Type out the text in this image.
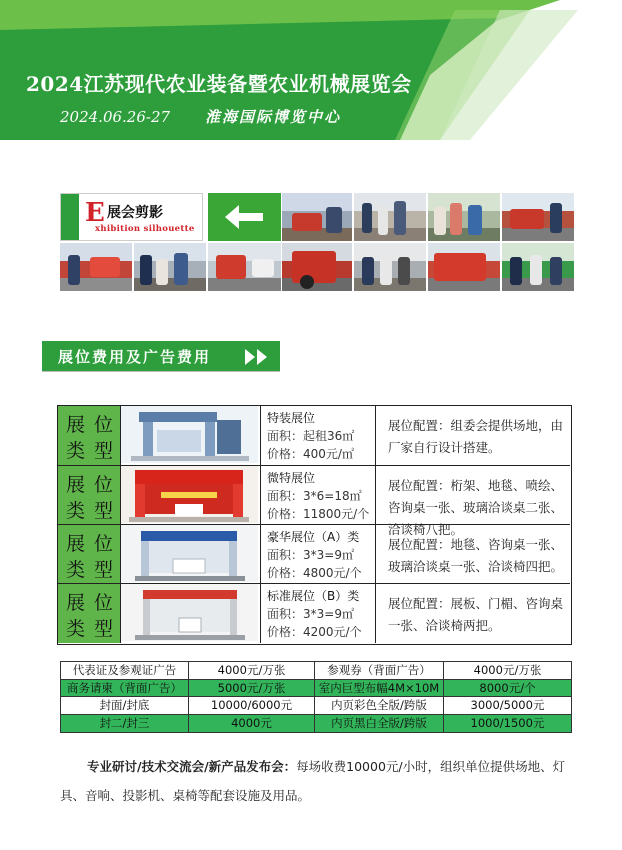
2024江苏现代农业装备暨农业机械展览会
2024.06.26-27 淮海国际博览中心
E 展会剪影
xhibition silhouette
展位费用及广告费用
展 位
类 型
特装展位
面积：起租36㎡
价格：400元/㎡
展位配置：组委会提供场地，由厂家自行设计搭建。
展 位
类 型
微特展位
面积：3*6=18㎡
价格：11800元/个
展位配置：桁架、地毯、喷绘、咨询桌一张、玻璃洽谈桌二张、洽谈椅八把。
展 位
类 型
豪华展位（A）类
面积：3*3=9㎡
价格：4800元/个
展位配置：地毯、咨询桌一张、玻璃洽谈桌一张、洽谈椅四把。
展 位
类 型
标准展位（B）类
面积：3*3=9㎡
价格：4200元/个
展位配置：展板、门楣、咨询桌一张、洽谈椅两把。
代表证及参观证广告	4000元/万张	参观券（背面广告）	4000元/万张
商务请柬（背面广告）	5000元/万张	室内巨型布幅4M×10M	8000元/个
封面/封底	10000/6000元	内页彩色全版/跨版	3000/5000元
封二/封三	4000元	内页黑白全版/跨版	1000/1500元
专业研讨/技术交流会/新产品发布会：每场收费10000元/小时，组织单位提供场地、灯具、音响、投影机、桌椅等配套设施及用品。
